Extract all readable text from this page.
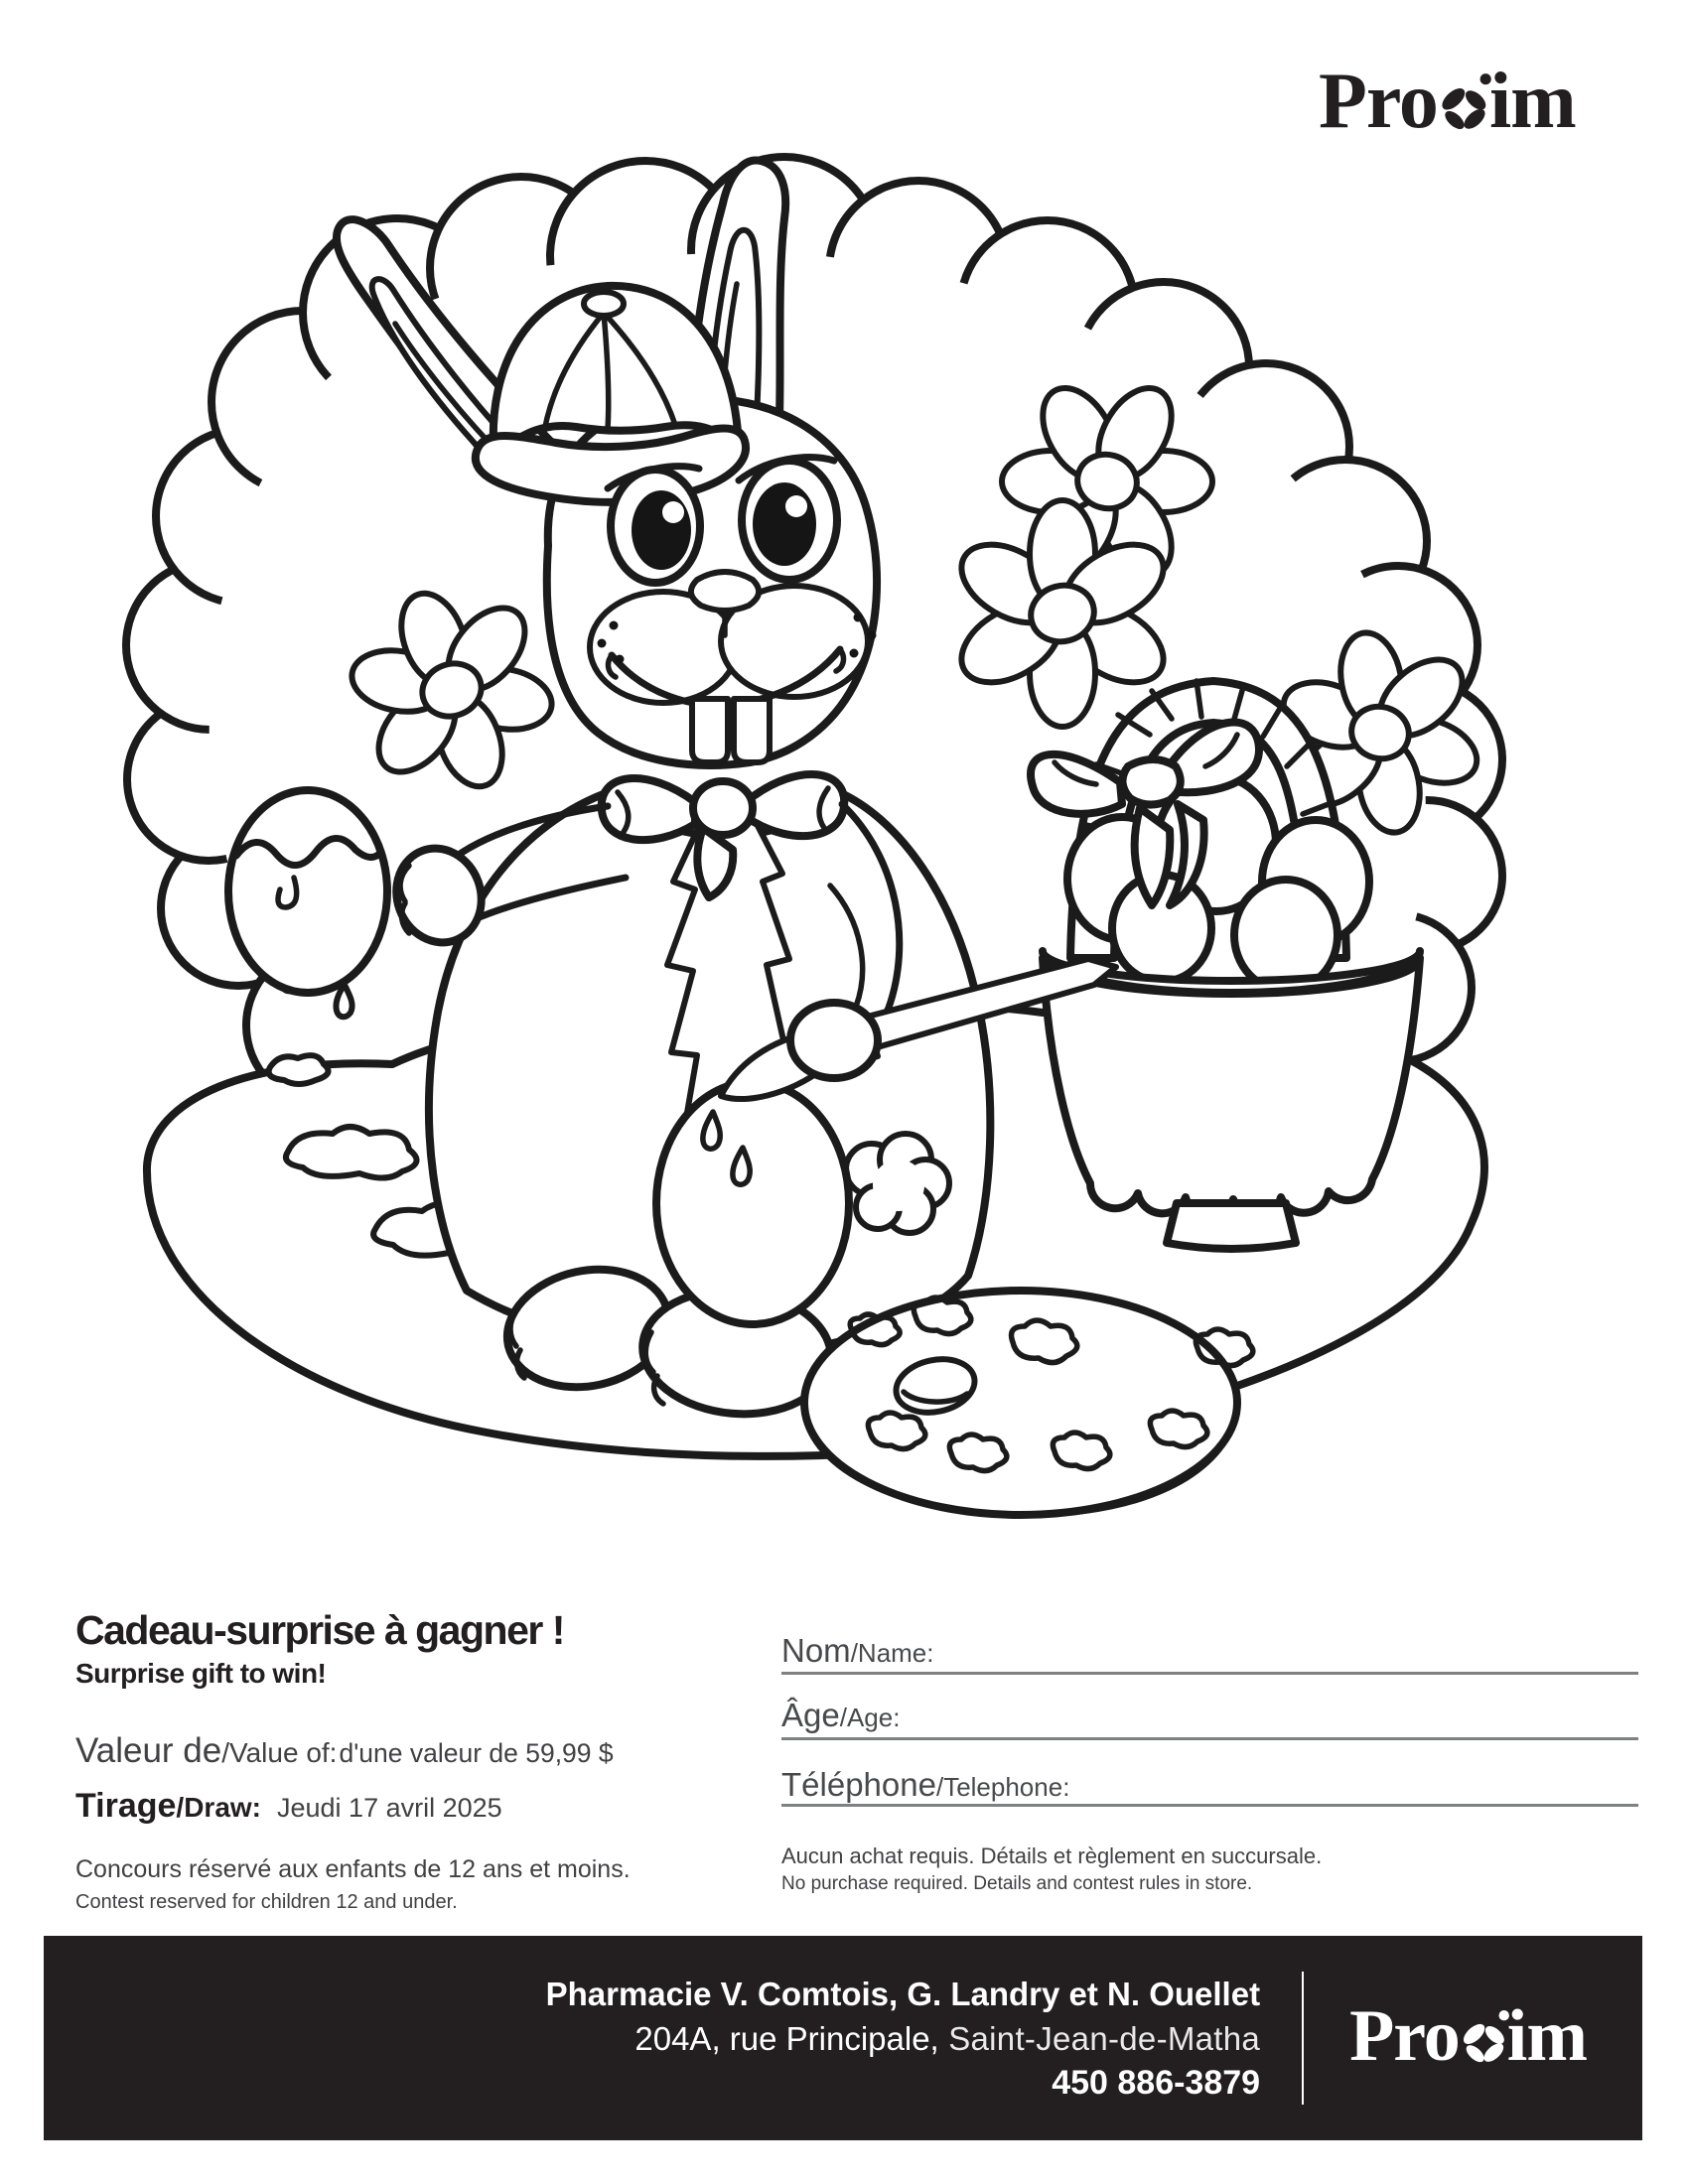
Pro im
Cadeau-surprise à gagner !
Surprise gift to win!
Valeur de/Value of:d'une valeur de 59,99 $
Tirage/Draw: Jeudi 17 avril 2025
Concours réservé aux enfants de 12 ans et moins.
Contest reserved for children 12 and under.
Nom/Name:
Âge/Age:
Téléphone/Telephone:
Aucun achat requis. Détails et règlement en succursale.
No purchase required. Details and contest rules in store.
Pharmacie V. Comtois, G. Landry et N. Ouellet
204A, rue Principale, Saint-Jean-de-Matha
450 886-3879
Pro im
